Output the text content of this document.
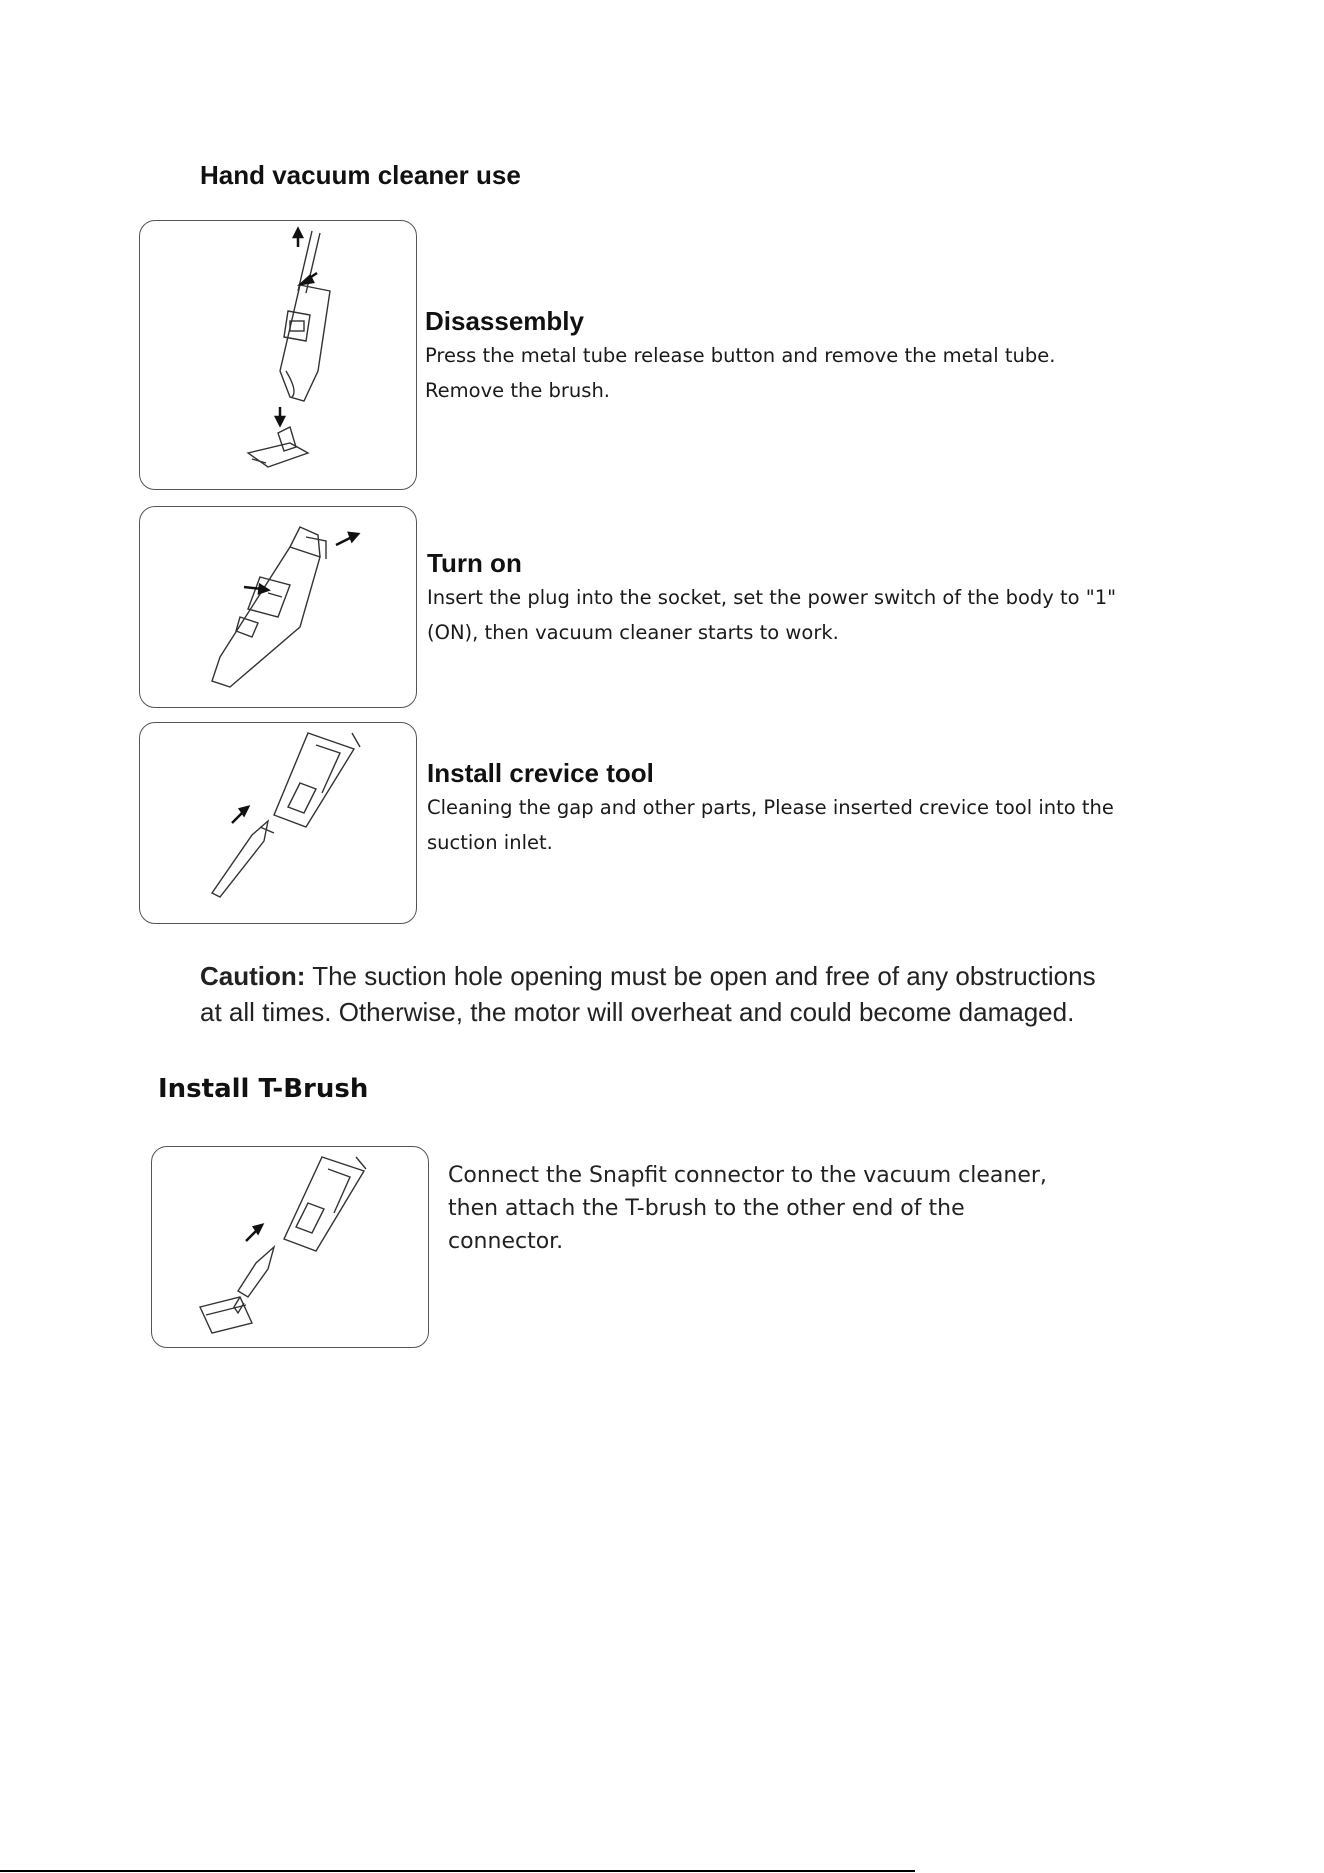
Hand vacuum cleaner use
Disassembly
Press the metal tube release button and remove the metal tube.
Remove the brush.
Turn on
Insert the plug into the socket, set the power switch of the body to "1"
(ON), then vacuum cleaner starts to work.
Install crevice tool
Cleaning the gap and other parts, Please inserted crevice tool into the
suction inlet.
Caution: The suction hole opening must be open and free of any obstructions
at all times. Otherwise, the motor will overheat and could become damaged.
Install T-Brush
Connect the Snapfit connector to the vacuum cleaner,
then attach the T-brush to the other end of the
connector.
